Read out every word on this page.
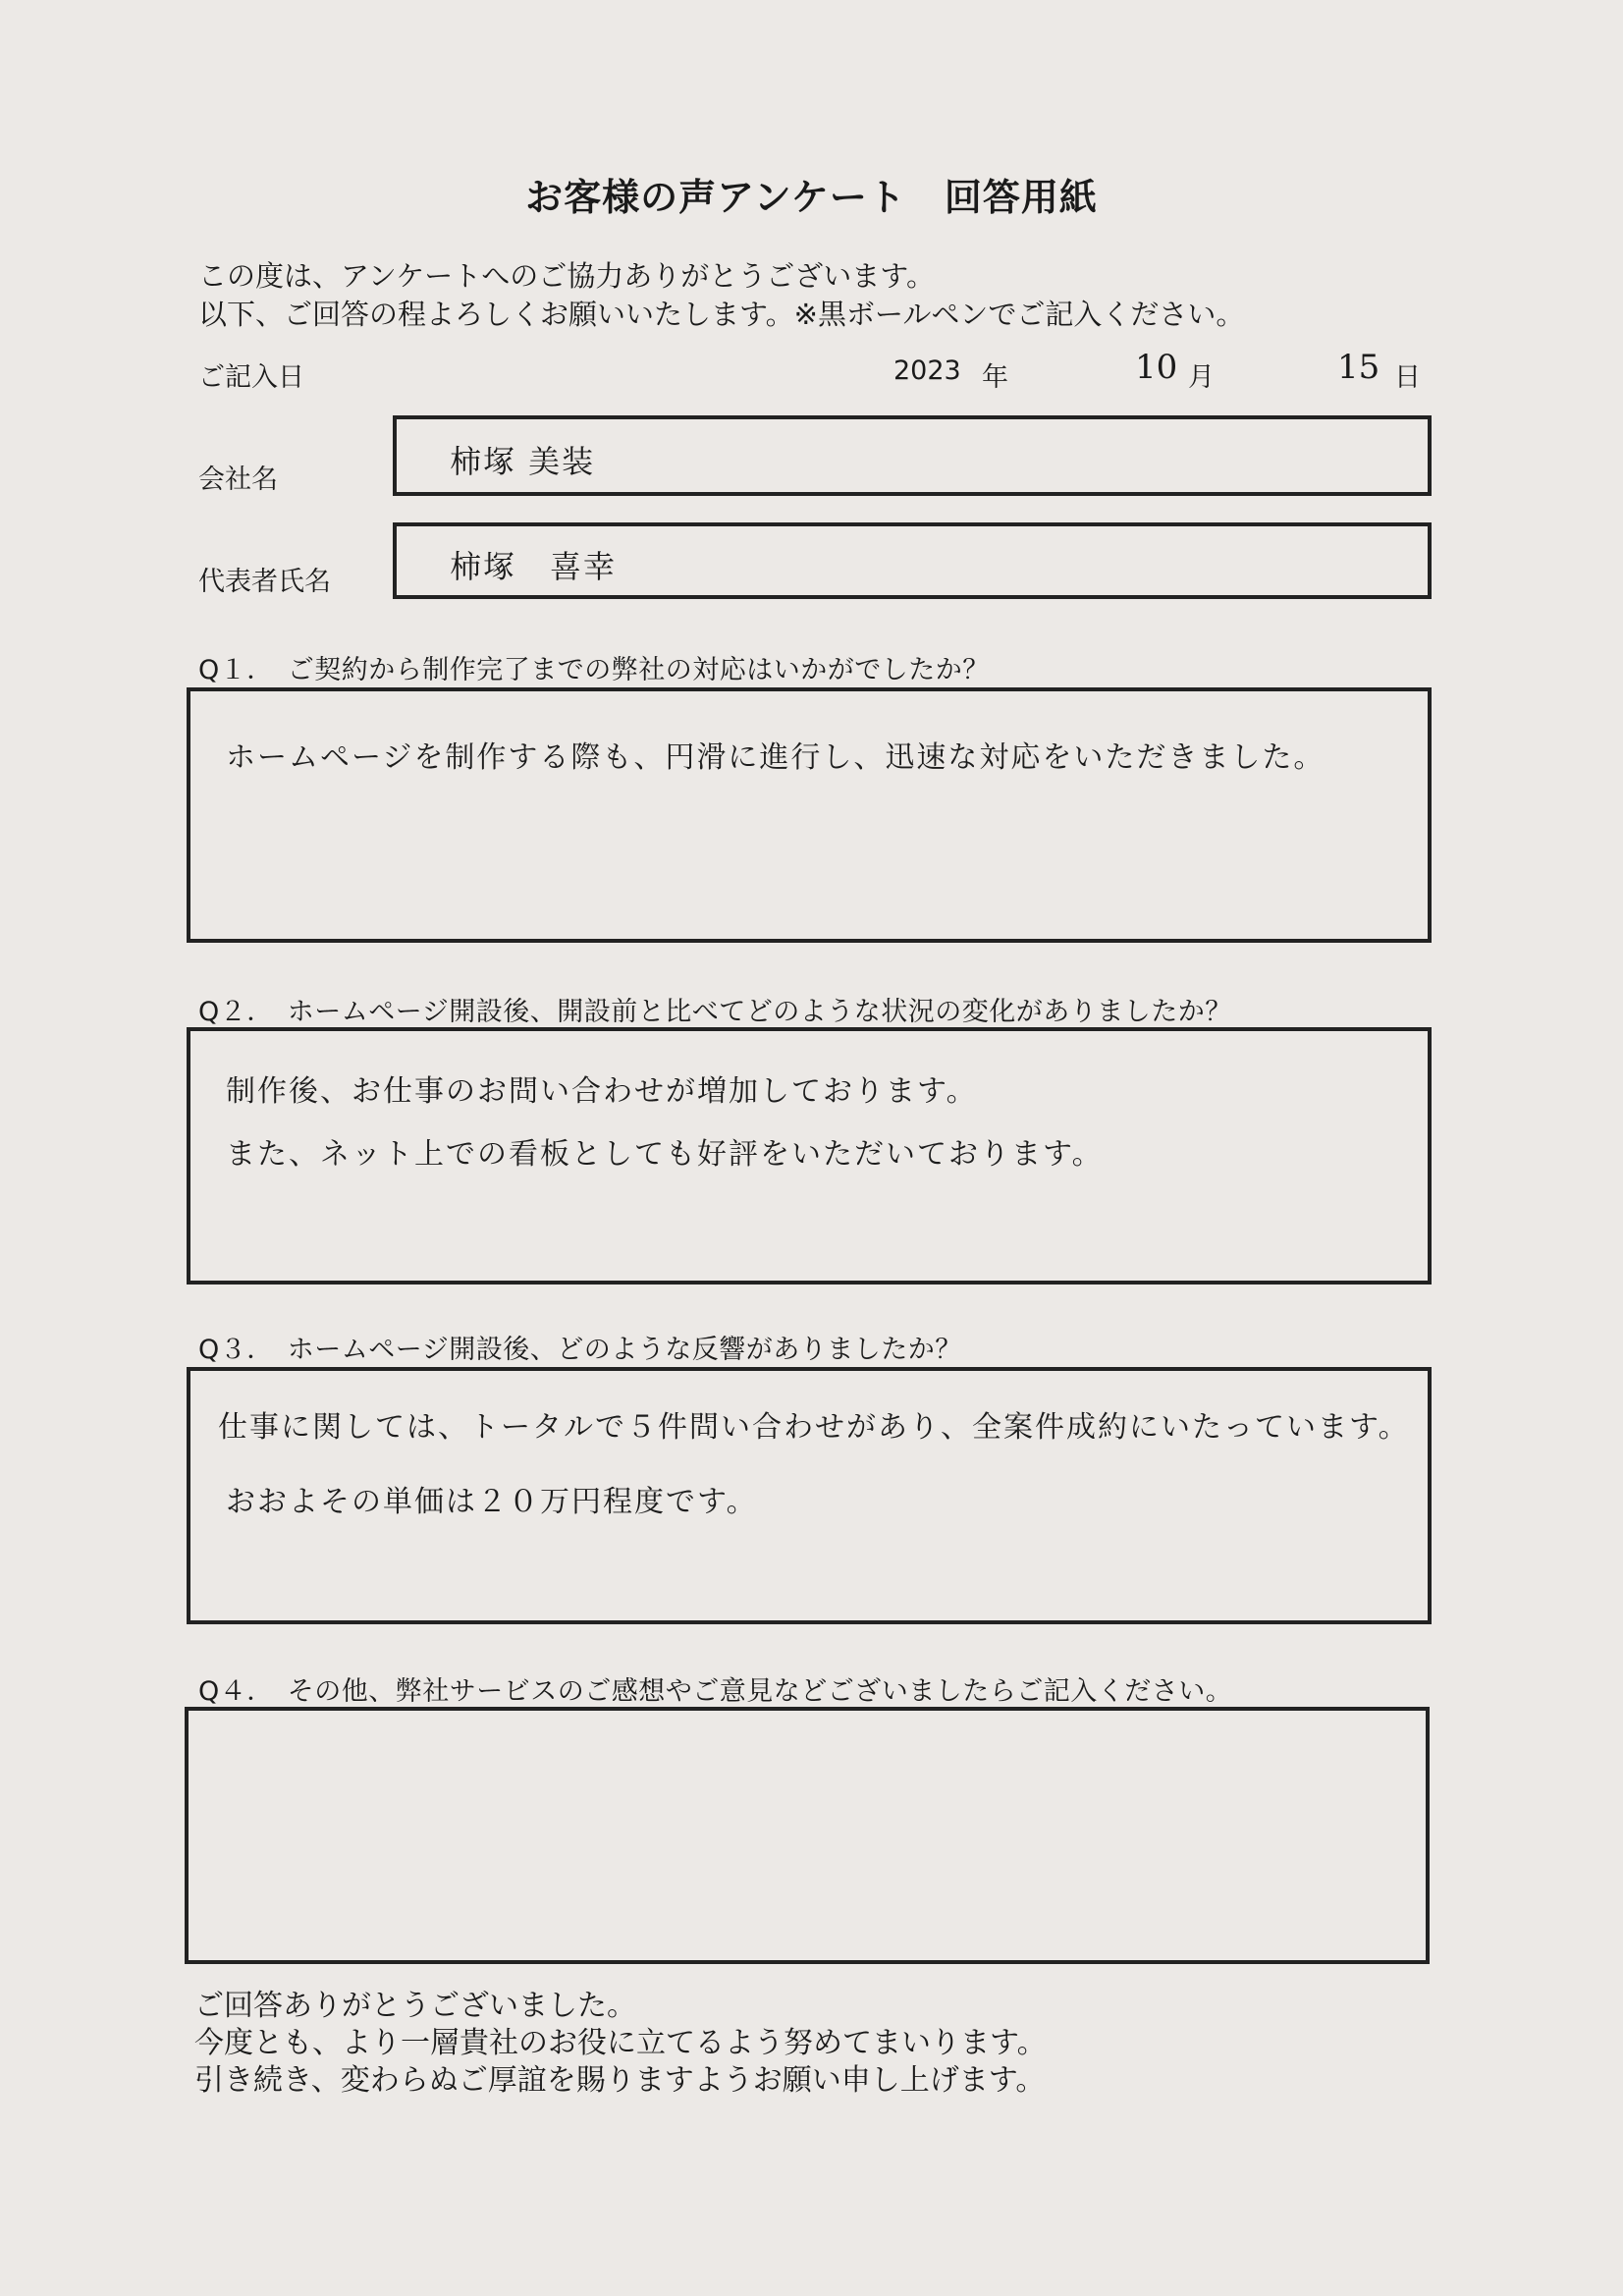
お客様の声アンケート　回答用紙
この度は、アンケートへのご協力ありがとうございます。
以下、ご回答の程よろしくお願いいたします。※黒ボールペンでご記入ください。
ご記入日	2023 年	10 月	15 日
会社名	柿塚 美装
代表者氏名	柿塚　喜幸
Q１．　ご契約から制作完了までの弊社の対応はいかがでしたか？
ホームページを制作する際も、円滑に進行し、迅速な対応をいただきました。
Q２．　ホームページ開設後、開設前と比べてどのような状況の変化がありましたか？
制作後、お仕事のお問い合わせが増加しております。
また、ネット上での看板としても好評をいただいております。
Q３．　ホームページ開設後、どのような反響がありましたか？
仕事に関しては、トータルで５件問い合わせがあり、全案件成約にいたっています。
おおよその単価は２０万円程度です。
Q４．　その他、弊社サービスのご感想やご意見などございましたらご記入ください。
ご回答ありがとうございました。
今度とも、より一層貴社のお役に立てるよう努めてまいります。
引き続き、変わらぬご厚誼を賜りますようお願い申し上げます。
